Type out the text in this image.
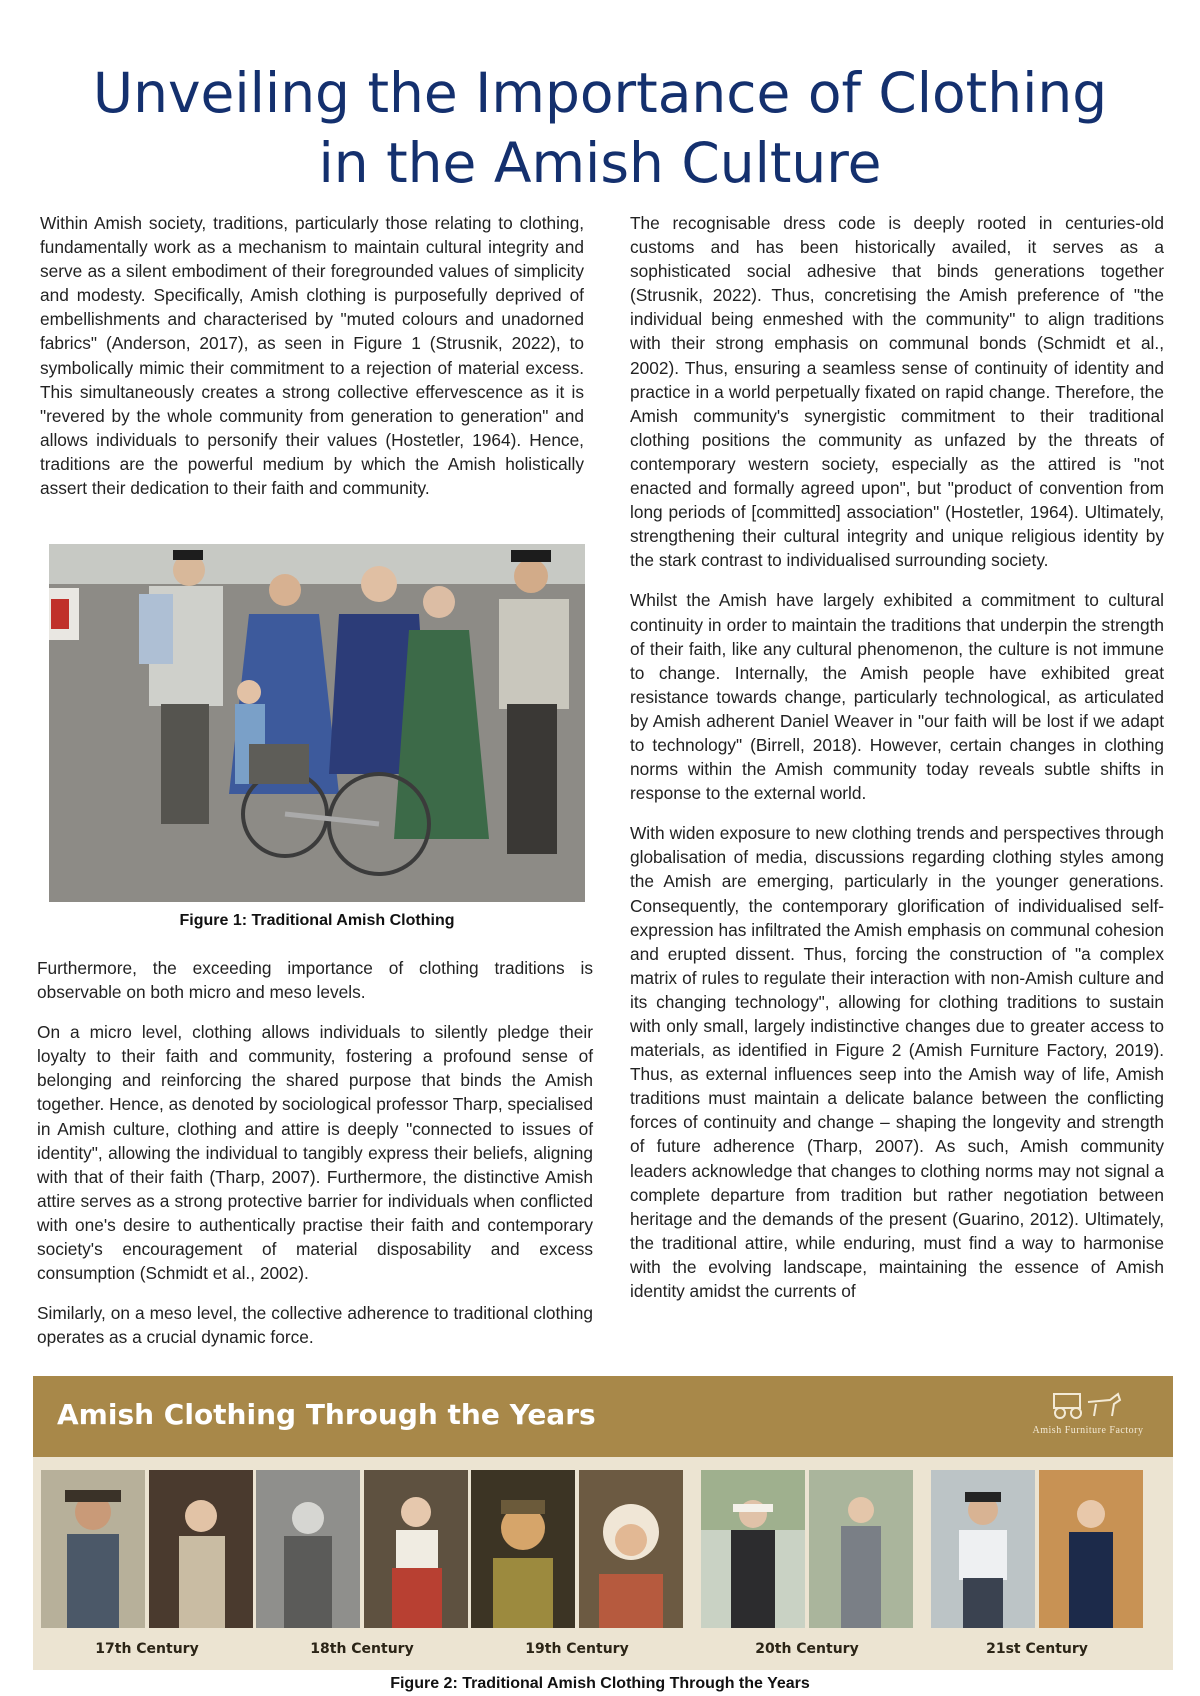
Unveiling the Importance of Clothing
in the Amish Culture

Within Amish society, traditions, particularly those relating to clothing, fundamentally work as a mechanism to maintain cultural integrity and serve as a silent embodiment of their foregrounded values of simplicity and modesty. Specifically, Amish clothing is purposefully deprived of embellishments and characterised by "muted colours and unadorned fabrics" (Anderson, 2017), as seen in Figure 1 (Strusnik, 2022), to symbolically mimic their commitment to a rejection of material excess. This simultaneously creates a strong collective effervescence as it is "revered by the whole community from generation to generation" and allows individuals to personify their values (Hostetler, 1964). Hence, traditions are the powerful medium by which the Amish holistically assert their dedication to their faith and community.

Figure 1: Traditional Amish Clothing

Furthermore, the exceeding importance of clothing traditions is observable on both micro and meso levels.

On a micro level, clothing allows individuals to silently pledge their loyalty to their faith and community, fostering a profound sense of belonging and reinforcing the shared purpose that binds the Amish together. Hence, as denoted by sociological professor Tharp, specialised in Amish culture, clothing and attire is deeply "connected to issues of identity", allowing the individual to tangibly express their beliefs, aligning with that of their faith (Tharp, 2007). Furthermore, the distinctive Amish attire serves as a strong protective barrier for individuals when conflicted with one's desire to authentically practise their faith and contemporary society's encouragement of material disposability and excess consumption (Schmidt et al., 2002).

Similarly, on a meso level, the collective adherence to traditional clothing operates as a crucial dynamic force.

The recognisable dress code is deeply rooted in centuries-old customs and has been historically availed, it serves as a sophisticated social adhesive that binds generations together (Strusnik, 2022). Thus, concretising the Amish preference of "the individual being enmeshed with the community" to align traditions with their strong emphasis on communal bonds (Schmidt et al., 2002). Thus, ensuring a seamless sense of continuity of identity and practice in a world perpetually fixated on rapid change. Therefore, the Amish community's synergistic commitment to their traditional clothing positions the community as unfazed by the threats of contemporary western society, especially as the attired is "not enacted and formally agreed upon", but "product of convention from long periods of [committed] association" (Hostetler, 1964). Ultimately, strengthening their cultural integrity and unique religious identity by the stark contrast to individualised surrounding society.

Whilst the Amish have largely exhibited a commitment to cultural continuity in order to maintain the traditions that underpin the strength of their faith, like any cultural phenomenon, the culture is not immune to change. Internally, the Amish people have exhibited great resistance towards change, particularly technological, as articulated by Amish adherent Daniel Weaver in "our faith will be lost if we adapt to technology" (Birrell, 2018). However, certain changes in clothing norms within the Amish community today reveals subtle shifts in response to the external world.

With widen exposure to new clothing trends and perspectives through globalisation of media, discussions regarding clothing styles among the Amish are emerging, particularly in the younger generations. Consequently, the contemporary glorification of individualised self-expression has infiltrated the Amish emphasis on communal cohesion and erupted dissent. Thus, forcing the construction of "a complex matrix of rules to regulate their interaction with non-Amish culture and its changing technology", allowing for clothing traditions to sustain with only small, largely indistinctive changes due to greater access to materials, as identified in Figure 2 (Amish Furniture Factory, 2019). Thus, as external influences seep into the Amish way of life, Amish traditions must maintain a delicate balance between the conflicting forces of continuity and change – shaping the longevity and strength of future adherence (Tharp, 2007). As such, Amish community leaders acknowledge that changes to clothing norms may not signal a complete departure from tradition but rather negotiation between heritage and the demands of the present (Guarino, 2012). Ultimately, the traditional attire, while enduring, must find a way to harmonise with the evolving landscape, maintaining the essence of Amish identity amidst the currents of

Amish Clothing Through the Years	Amish Furniture Factory
17th Century	18th Century	19th Century	20th Century	21st Century
Figure 2: Traditional Amish Clothing Through the Years
